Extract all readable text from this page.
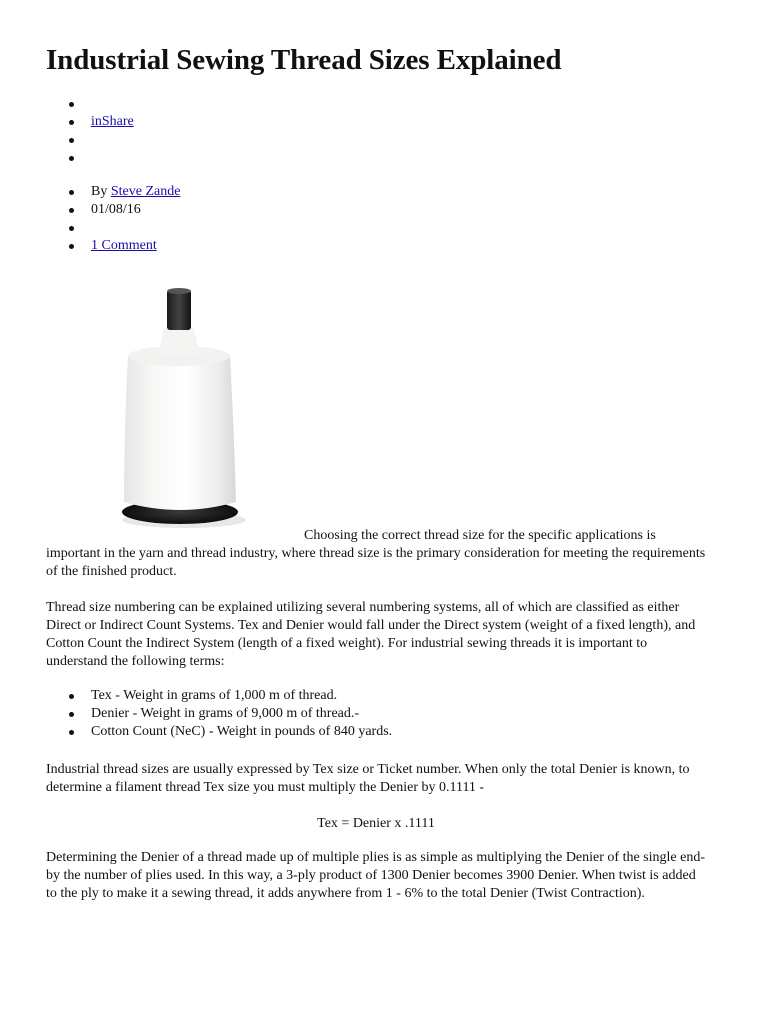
Industrial Sewing Thread Sizes Explained
inShare
By Steve Zande
01/08/16
1 Comment

Choosing the correct thread size for the specific applications is important in the yarn and thread industry, where thread size is the primary consideration for meeting the requirements of the finished product.

Thread size numbering can be explained utilizing several numbering systems, all of which are classified as either Direct or Indirect Count Systems. Tex and Denier would fall under the Direct system (weight of a fixed length), and Cotton Count the Indirect System (length of a fixed weight). For industrial sewing threads it is important to understand the following terms:

Tex - Weight in grams of 1,000 m of thread.
Denier - Weight in grams of 9,000 m of thread.-
Cotton Count (NeC) - Weight in pounds of 840 yards.

Industrial thread sizes are usually expressed by Tex size or Ticket number. When only the total Denier is known, to determine a filament thread Tex size you must multiply the Denier by 0.1111 -

Tex = Denier x .1111

Determining the Denier of a thread made up of multiple plies is as simple as multiplying the Denier of the single end-by the number of plies used. In this way, a 3-ply product of 1300 Denier becomes 3900 Denier. When twist is added to the ply to make it a sewing thread, it adds anywhere from 1 - 6% to the total Denier (Twist Contraction).
